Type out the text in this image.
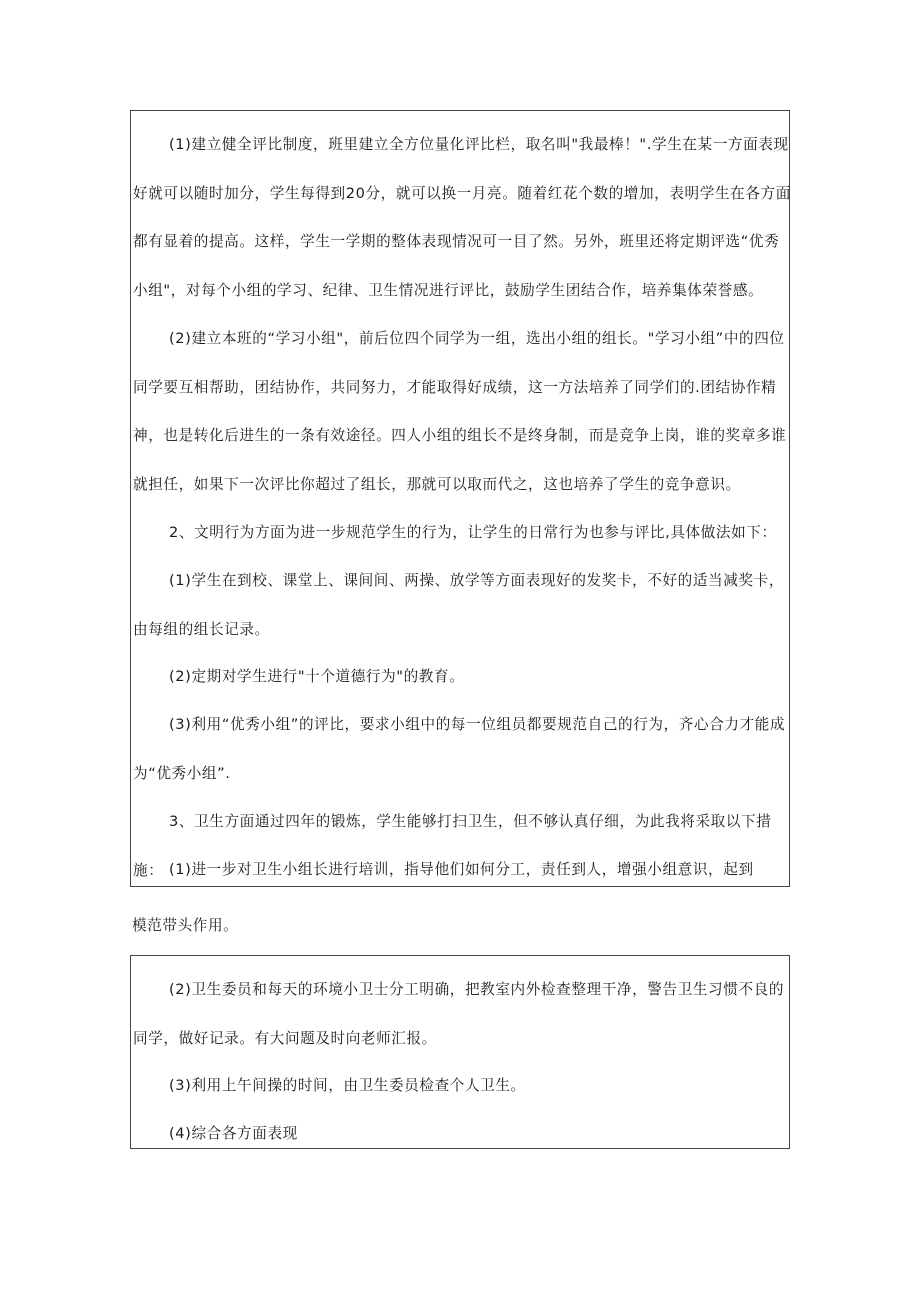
(1)建立健全评比制度，班里建立全方位量化评比栏，取名叫"我最棒！".学生在某一方面表现好就可以随时加分，学生每得到20分，就可以换一月亮。随着红花个数的增加，表明学生在各方面都有显着的提高。这样，学生一学期的整体表现情况可一目了然。另外，班里还将定期评选“优秀小组"，对每个小组的学习、纪律、卫生情况进行评比，鼓励学生团结合作，培养集体荣誉感。

(2)建立本班的“学习小组"，前后位四个同学为一组，选出小组的组长。"学习小组”中的四位同学要互相帮助，团结协作，共同努力，才能取得好成绩，这一方法培养了同学们的.团结协作精神，也是转化后进生的一条有效途径。四人小组的组长不是终身制，而是竞争上岗，谁的奖章多谁就担任，如果下一次评比你超过了组长，那就可以取而代之，这也培养了学生的竞争意识。

2、文明行为方面为进一步规范学生的行为，让学生的日常行为也参与评比,具体做法如下：

(1)学生在到校、课堂上、课间间、两操、放学等方面表现好的发奖卡，不好的适当减奖卡，由每组的组长记录。

(2)定期对学生进行"十个道德行为"的教育。

(3)利用“优秀小组”的评比，要求小组中的每一位组员都要规范自己的行为，齐心合力才能成为“优秀小组”.

3、卫生方面通过四年的锻炼，学生能够打扫卫生，但不够认真仔细，为此我将采取以下措施： (1)进一步对卫生小组长进行培训，指导他们如何分工，责任到人，增强小组意识，起到

模范带头作用。

(2)卫生委员和每天的环境小卫士分工明确，把教室内外检查整理干净，警告卫生习惯不良的同学，做好记录。有大问题及时向老师汇报。

(3)利用上午间操的时间，由卫生委员检查个人卫生。

(4)综合各方面表现
